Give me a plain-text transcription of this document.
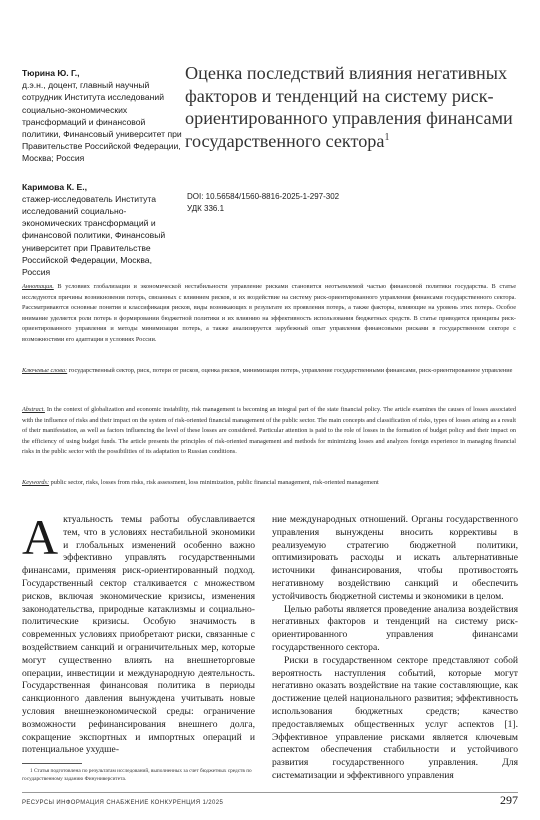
Тюрина Ю. Г.,

д.э.н., доцент, главный научный сотрудник Института исследований социально-экономических трансформаций и финансовой политики, Финансовый университет при Правительстве Российской Федерации, Москва; Россия

Каримова К. Е.,

стажер-исследователь Института исследований социально-экономических трансформаций и финансовой политики, Финансовый университет при Правительстве Российской Федерации, Москва, Россия

Оценка последствий влияния негативных факторов и тенденций на систему риск-ориентированного управления финансами государственного сектора$^1$
DOI: 10.56584/1560-8816-2025-1-297-302
УДК 336.1

Аннотация. В условиях глобализации и экономической нестабильности управление рисками становится неотъемлемой частью финансовой политики государства. В статье исследуются причины возникновения потерь, связанных с влиянием рисков, и их воздействие на систему риск-ориентированного управления финансами государственного сектора. Рассматриваются основные понятия и классификация рисков, виды возникающих в результате их проявления потерь, а также факторы, влияющие на уровень этих потерь. Особое внимание уделяется роли потерь в формировании бюджетной политики и их влиянию на эффективность использования бюджетных средств. В статье приводятся принципы риск-ориентированного управления и методы минимизации потерь, а также анализируется зарубежный опыт управления финансовыми рисками в государственном секторе с возможностями его адаптации в условиях России.

Ключевые слова: государственный сектор, риск, потери от рисков, оценка рисков, минимизация потерь, управление государственными финансами, риск-ориентированное управление

Abstract. In the context of globalization and economic instability, risk management is becoming an integral part of the state financial policy. The article examines the causes of losses associated with the influence of risks and their impact on the system of risk-oriented financial management of the public sector. The main concepts and classification of risks, types of losses arising as a result of their manifestation, as well as factors influencing the level of these losses are considered. Particular attention is paid to the role of losses in the formation of budget policy and their impact on the efficiency of using budget funds. The article presents the principles of risk-oriented management and methods for minimizing losses and analyzes foreign experience in managing financial risks in the public sector with the possibilities of its adaptation to Russian conditions.

Keywords: public sector, risks, losses from risks, risk assessment, loss minimization, public financial management, risk-oriented management

Актуальность темы работы обуславливается тем, что в условиях нестабильной экономики и глобальных изменений особенно важно эффективно управлять государственными финансами, применяя риск-ориентированный подход. Государственный сектор сталкивается с множеством рисков, включая экономические кризисы, изменения законодательства, природные катаклизмы и социально-политические кризисы. Особую значимость в современных условиях приобретают риски, связанные с воздействием санкций и ограничительных мер, которые могут существенно влиять на внешнеторговые операции, инвестиции и международную деятельность. Государственная финансовая политика в периоды санкционного давления вынуждена учитывать новые условия внешнеэкономической среды: ограничение возможности рефинансирования внешнего долга, сокращение экспортных и импортных операций и потенциальное ухудше-

ние международных отношений. Органы государственного управления вынуждены вносить коррективы в реализуемую стратегию бюджетной политики, оптимизировать расходы и искать альтернативные источники финансирования, чтобы противостоять негативному воздействию санкций и обеспечить устойчивость бюджетной системы и экономики в целом.

Целью работы является проведение анализа воздействия негативных факторов и тенденций на систему риск-ориентированного управления финансами государственного сектора.

Риски в государственном секторе представляют собой вероятность наступления событий, которые могут негативно оказать воздействие на такие составляющие, как достижение целей национального развития; эффективность использования бюджетных средств; качество предоставляемых общественных услуг аспектов [1]. Эффективное управление рисками является ключевым аспектом обеспечения стабильности и устойчивого развития государственного управления. Для систематизации и эффективного управления

1 Статья подготовлена по результатам исследований, выполненных за счет бюджетных средств по государственному заданию Финуниверситета.

РЕСУРСЫ ИНФОРМАЦИЯ СНАБЖЕНИЕ КОНКУРЕНЦИЯ 1/2025	297
